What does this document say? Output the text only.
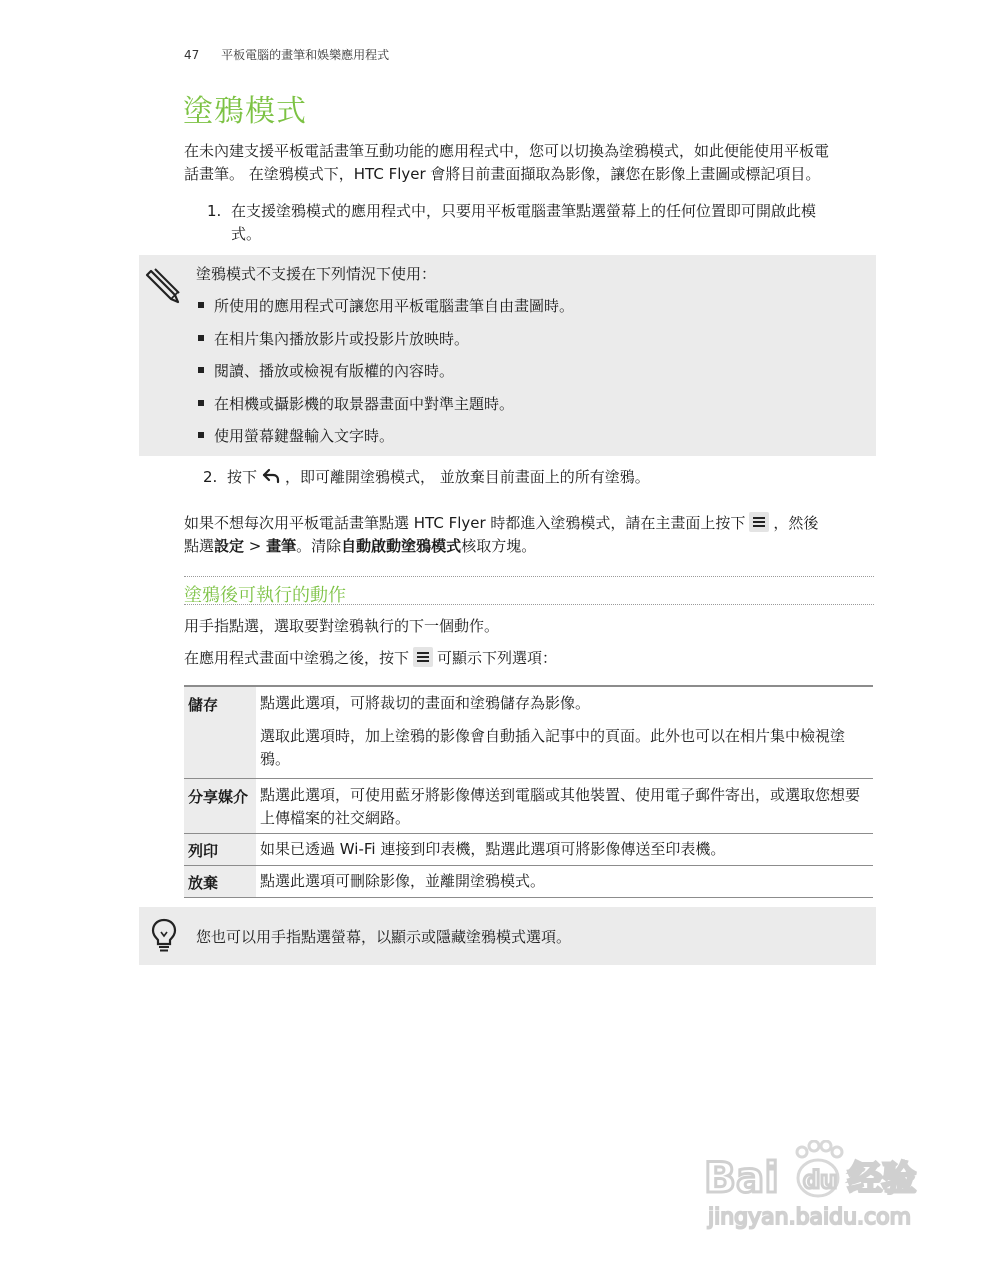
47 平板電腦的畫筆和娛樂應用程式
塗鴉模式
在未內建支援平板電話畫筆互動功能的應用程式中，您可以切換為塗鴉模式，如此便能使用平板電
話畫筆。 在塗鴉模式下，HTC Flyer 會將目前畫面擷取為影像，讓您在影像上畫圖或標記項目。
1. 在支援塗鴉模式的應用程式中，只要用平板電腦畫筆點選螢幕上的任何位置即可開啟此模
式。
塗鴉模式不支援在下列情況下使用：
所使用的應用程式可讓您用平板電腦畫筆自由畫圖時。
在相片集內播放影片或投影片放映時。
閱讀、播放或檢視有版權的內容時。
在相機或攝影機的取景器畫面中對準主題時。
使用螢幕鍵盤輸入文字時。
2. 按下 ，即可離開塗鴉模式， 並放棄目前畫面上的所有塗鴉。
如果不想每次用平板電話畫筆點選 HTC Flyer 時都進入塗鴉模式，請在主畫面上按下 ，然後
點選設定 > 畫筆。清除自動啟動塗鴉模式核取方塊。
塗鴉後可執行的動作
用手指點選，選取要對塗鴉執行的下一個動作。
在應用程式畫面中塗鴉之後，按下 可顯示下列選項：
儲存	點選此選項，可將裁切的畫面和塗鴉儲存為影像。
選取此選項時，加上塗鴉的影像會自動插入記事中的頁面。此外也可以在相片集中檢視塗鴉。

分享媒介	點選此選項，可使用藍牙將影像傳送到電腦或其他裝置、使用電子郵件寄出，或選取您想要上傳檔案的社交網路。
列印	如果已透過 Wi-Fi 連接到印表機，點選此選項可將影像傳送至印表機。
放棄	點選此選項可刪除影像，並離開塗鴉模式。
您也可以用手指點選螢幕，以顯示或隱藏塗鴉模式選項。
Bai du 经验
jingyan.baidu.com
